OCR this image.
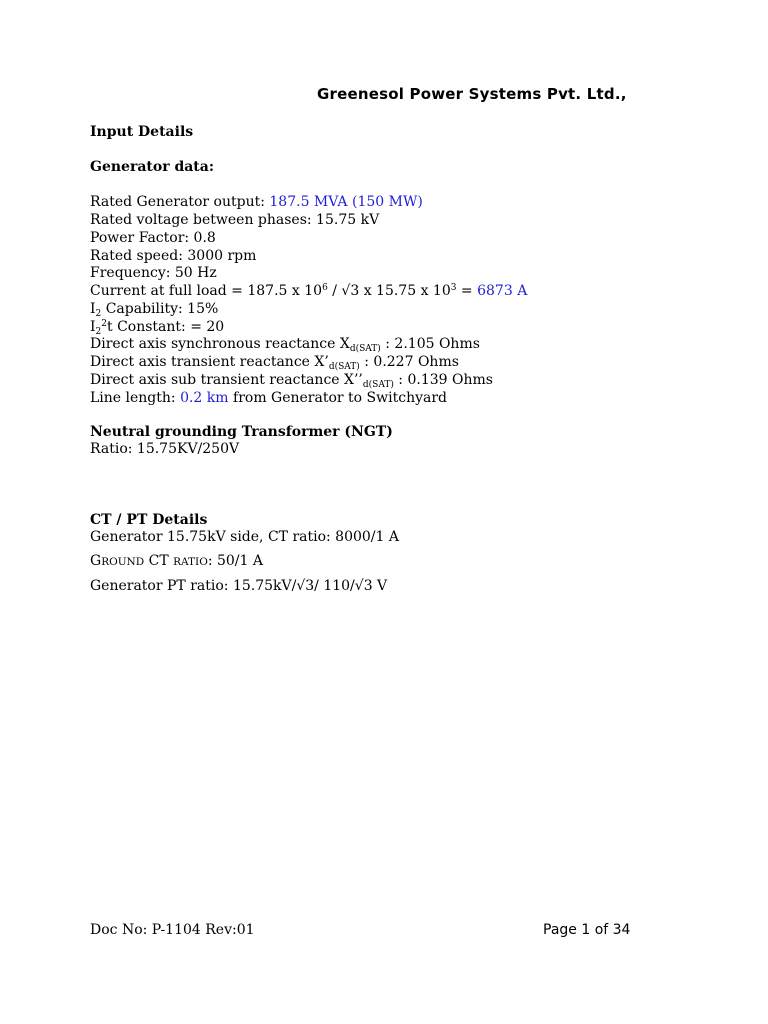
Greenesol Power Systems Pvt. Ltd.,
Input Details
Generator data:
Rated Generator output: 187.5 MVA (150 MW)
Rated voltage between phases: 15.75 kV
Power Factor: 0.8
Rated speed: 3000 rpm
Frequency: 50 Hz
Current at full load = 187.5 x $10^6 / √3$ x 15.75 x $10^3 = 6873$ A
$I_2$ Capability: 15%
$I_2^2t$ Constant: = 20
Direct axis synchronous reactance $X_{d(SAT)}$ : 2.105 Ohms
Direct axis transient reactance $X’_{d(SAT)}$ : 0.227 Ohms
Direct axis sub transient reactance $X’’_{d(SAT)}$ : 0.139 Ohms
Line length: 0.2 km from Generator to Switchyard
Neutral grounding Transformer (NGT)
Ratio: 15.75KV/250V
CT / PT Details
Generator 15.75kV side, CT ratio: 8000/1 A
GROUND CT RATIO: 50/1 A
Generator PT ratio: 15.75kV/√3/ 110/√3 V
Doc No: P-1104 Rev:01	Page 1 of 34
